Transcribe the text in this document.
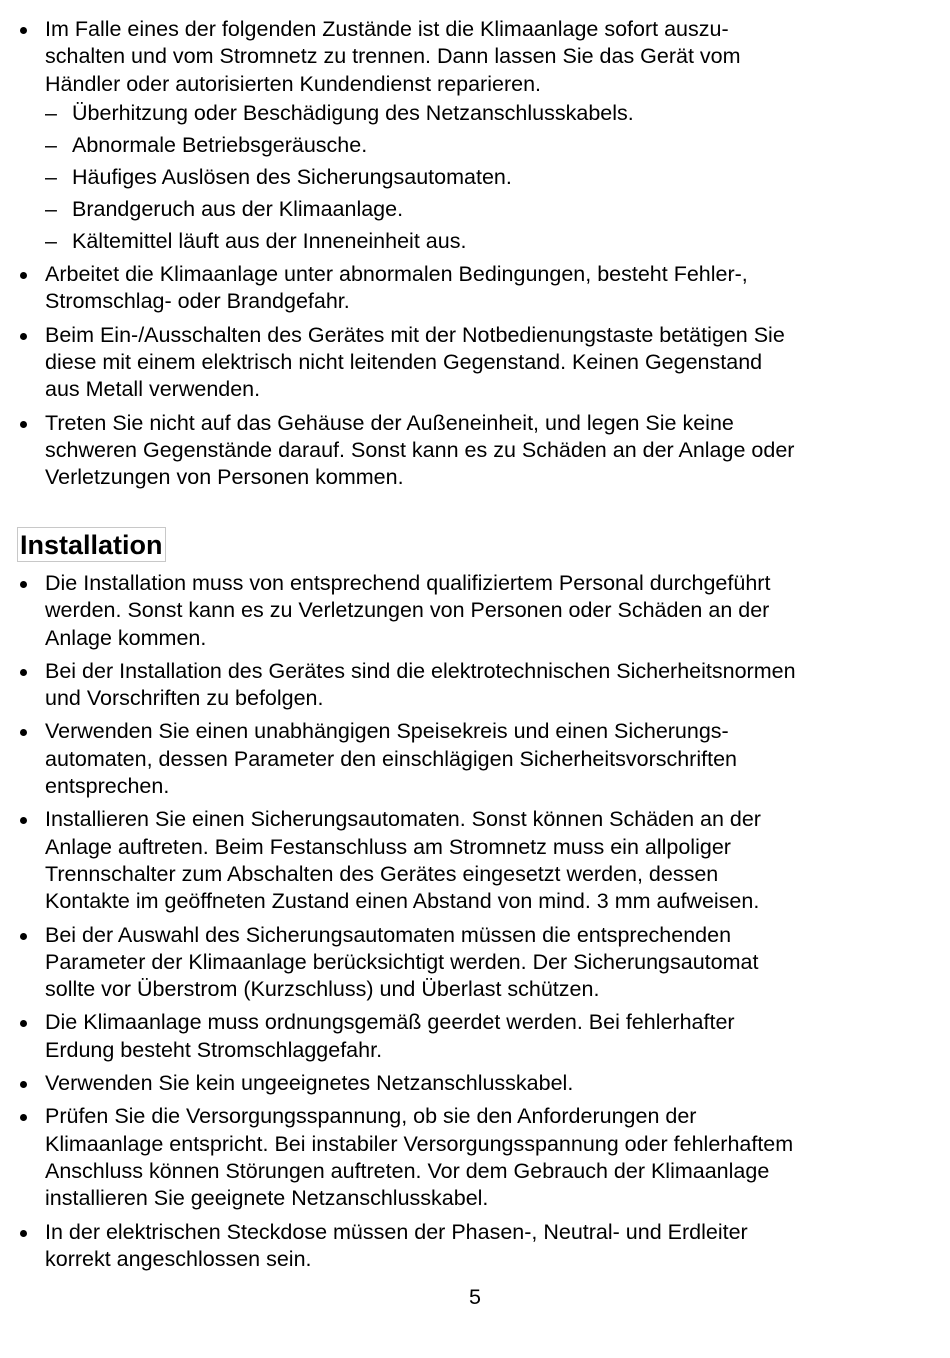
Im Falle eines der folgenden Zustände ist die Klimaanlage sofort auszu-
schalten und vom Stromnetz zu trennen. Dann lassen Sie das Gerät vom
Händler oder autorisierten Kundendienst reparieren.
– Überhitzung oder Beschädigung des Netzanschlusskabels.
– Abnormale Betriebsgeräusche.
– Häufiges Auslösen des Sicherungsautomaten.
– Brandgeruch aus der Klimaanlage.
– Kältemittel läuft aus der Inneneinheit aus.
Arbeitet die Klimaanlage unter abnormalen Bedingungen, besteht Fehler-,
Stromschlag- oder Brandgefahr.
Beim Ein-/Ausschalten des Gerätes mit der Notbedienungstaste betätigen Sie
diese mit einem elektrisch nicht leitenden Gegenstand. Keinen Gegenstand
aus Metall verwenden.
Treten Sie nicht auf das Gehäuse der Außeneinheit, und legen Sie keine
schweren Gegenstände darauf. Sonst kann es zu Schäden an der Anlage oder
Verletzungen von Personen kommen.
Installation
Die Installation muss von entsprechend qualifiziertem Personal durchgeführt
werden. Sonst kann es zu Verletzungen von Personen oder Schäden an der
Anlage kommen.
Bei der Installation des Gerätes sind die elektrotechnischen Sicherheitsnormen
und Vorschriften zu befolgen.
Verwenden Sie einen unabhängigen Speisekreis und einen Sicherungs-
automaten, dessen Parameter den einschlägigen Sicherheitsvorschriften
entsprechen.
Installieren Sie einen Sicherungsautomaten. Sonst können Schäden an der
Anlage auftreten. Beim Festanschluss am Stromnetz muss ein allpoliger
Trennschalter zum Abschalten des Gerätes eingesetzt werden, dessen
Kontakte im geöffneten Zustand einen Abstand von mind. 3 mm aufweisen.
Bei der Auswahl des Sicherungsautomaten müssen die entsprechenden
Parameter der Klimaanlage berücksichtigt werden. Der Sicherungsautomat
sollte vor Überstrom (Kurzschluss) und Überlast schützen.
Die Klimaanlage muss ordnungsgemäß geerdet werden. Bei fehlerhafter
Erdung besteht Stromschlaggefahr.
Verwenden Sie kein ungeeignetes Netzanschlusskabel.
Prüfen Sie die Versorgungsspannung, ob sie den Anforderungen der
Klimaanlage entspricht. Bei instabiler Versorgungsspannung oder fehlerhaftem
Anschluss können Störungen auftreten. Vor dem Gebrauch der Klimaanlage
installieren Sie geeignete Netzanschlusskabel.
In der elektrischen Steckdose müssen der Phasen-, Neutral- und Erdleiter
korrekt angeschlossen sein.
5
